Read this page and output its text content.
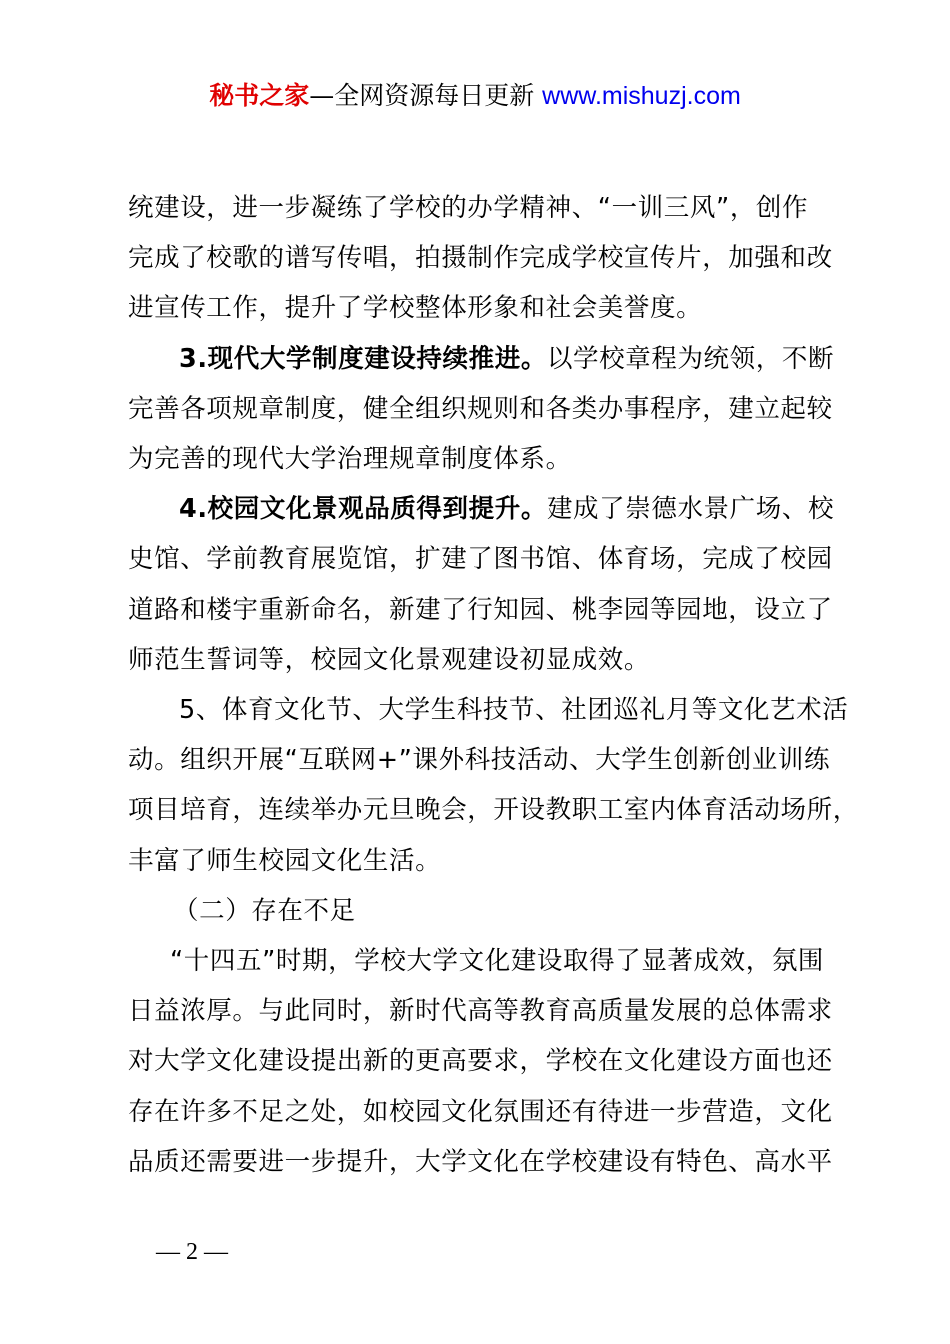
秘书之家—全网资源每日更新 www.mishuzj.com

统建设，进一步凝练了学校的办学精神、“一训三风”，创作
完成了校歌的谱写传唱，拍摄制作完成学校宣传片，加强和改
进宣传工作，提升了学校整体形象和社会美誉度。

3.现代大学制度建设持续推进。以学校章程为统领，不断
完善各项规章制度，健全组织规则和各类办事程序，建立起较
为完善的现代大学治理规章制度体系。

4.校园文化景观品质得到提升。建成了崇德水景广场、校
史馆、学前教育展览馆，扩建了图书馆、体育场，完成了校园
道路和楼宇重新命名，新建了行知园、桃李园等园地，设立了
师范生誓词等，校园文化景观建设初显成效。

5、体育文化节、大学生科技节、社团巡礼月等文化艺术活
动。组织开展“互联网+”课外科技活动、大学生创新创业训练
项目培育，连续举办元旦晚会，开设教职工室内体育活动场所，
丰富了师生校园文化生活。

（二）存在不足

“十四五”时期，学校大学文化建设取得了显著成效，氛围
日益浓厚。与此同时，新时代高等教育高质量发展的总体需求
对大学文化建设提出新的更高要求，学校在文化建设方面也还
存在许多不足之处，如校园文化氛围还有待进一步营造，文化
品质还需要进一步提升，大学文化在学校建设有特色、高水平

— 2 —
